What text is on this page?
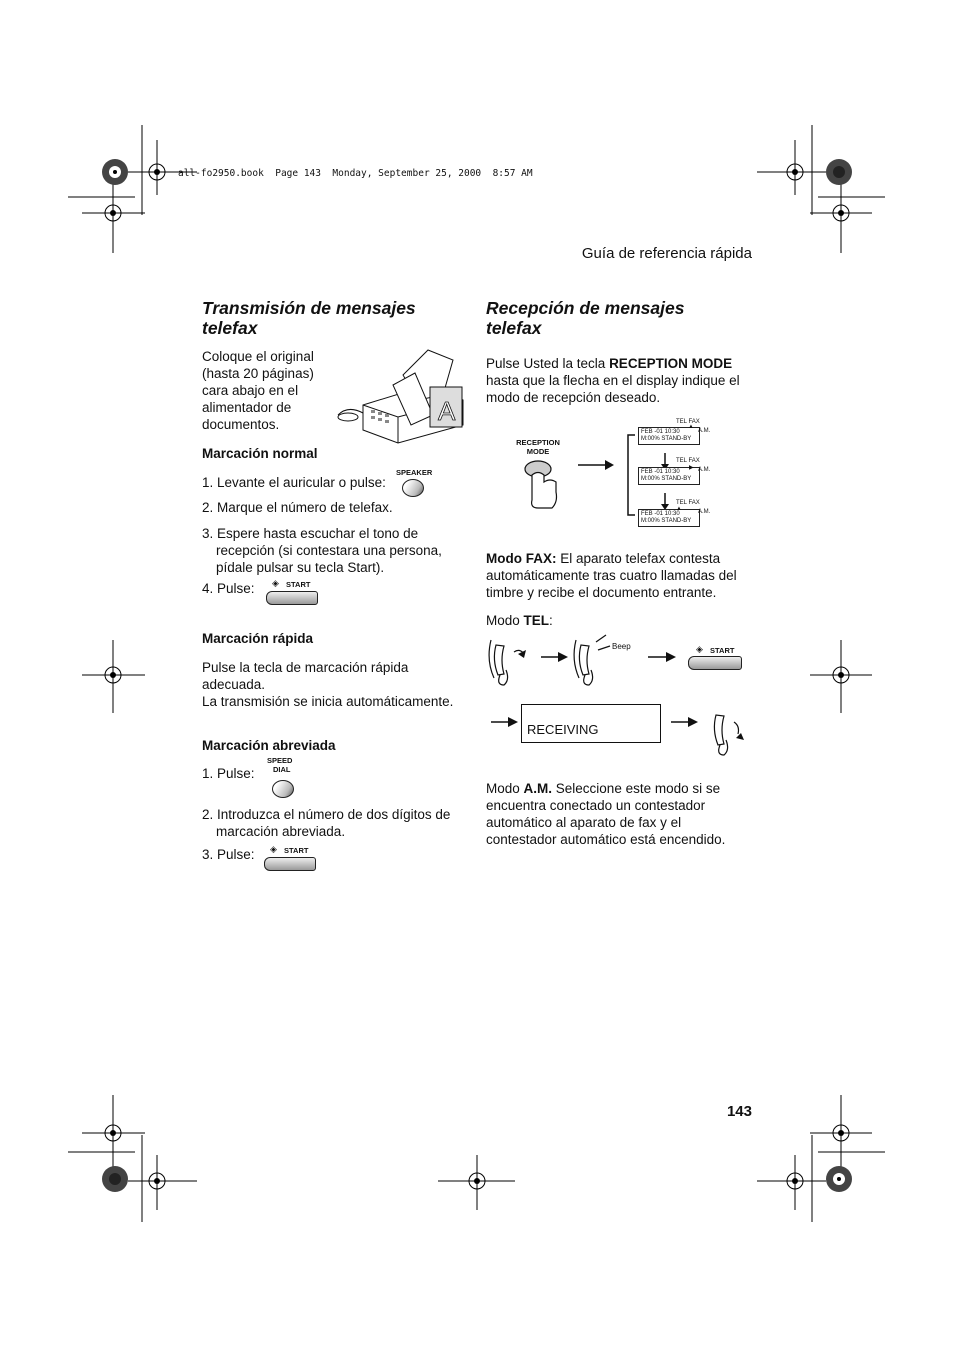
all-fo2950.book  Page 143  Monday, September 25, 2000  8:57 AM
Guía de referencia rápida
Transmisión de mensajes
telefax
Coloque el original
(hasta 20 páginas)
cara abajo en el
alimentador de
documentos.	A
Marcación normal
1. Levante el auricular o pulse:
SPEAKER
2. Marque el número de telefax.
3. Espere hasta escuchar el tono de
recepción (si contestara una persona,
pídale pulsar su tecla Start).
4. Pulse: ◈ START
Marcación rápida
Pulse la tecla de marcación rápida
adecuada.
La transmisión se inicia automáticamente.
Marcación abreviada
1. Pulse:
SPEED
DIAL
2. Introduzca el número de dos dígitos de
marcación abreviada.
3. Pulse: ◈ START
Recepción de mensajes
telefax
Pulse Usted la tecla RECEPTION MODE
hasta que la flecha en el display indique el
modo de recepción deseado.
RECEPTION
MODE
TEL FAX
FEB ‑01 10:30
M:00% STAND-BY
A.M.
▲
TEL FAX
FEB ‑01 10:30
M:00% STAND-BY
A.M.
▶
TEL FAX
FEB ‑01 10:30
M:00% STAND-BY
A.M.
▲
Modo FAX: El aparato telefax contesta
automáticamente tras cuatro llamadas del
timbre y recibe el documento entrante.
Modo TEL:
Beep	◈ START
RECEIVING
Modo A.M. Seleccione este modo si se
encuentra conectado un contestador
automático al aparato de fax y el
contestador automático está encendido.
143
